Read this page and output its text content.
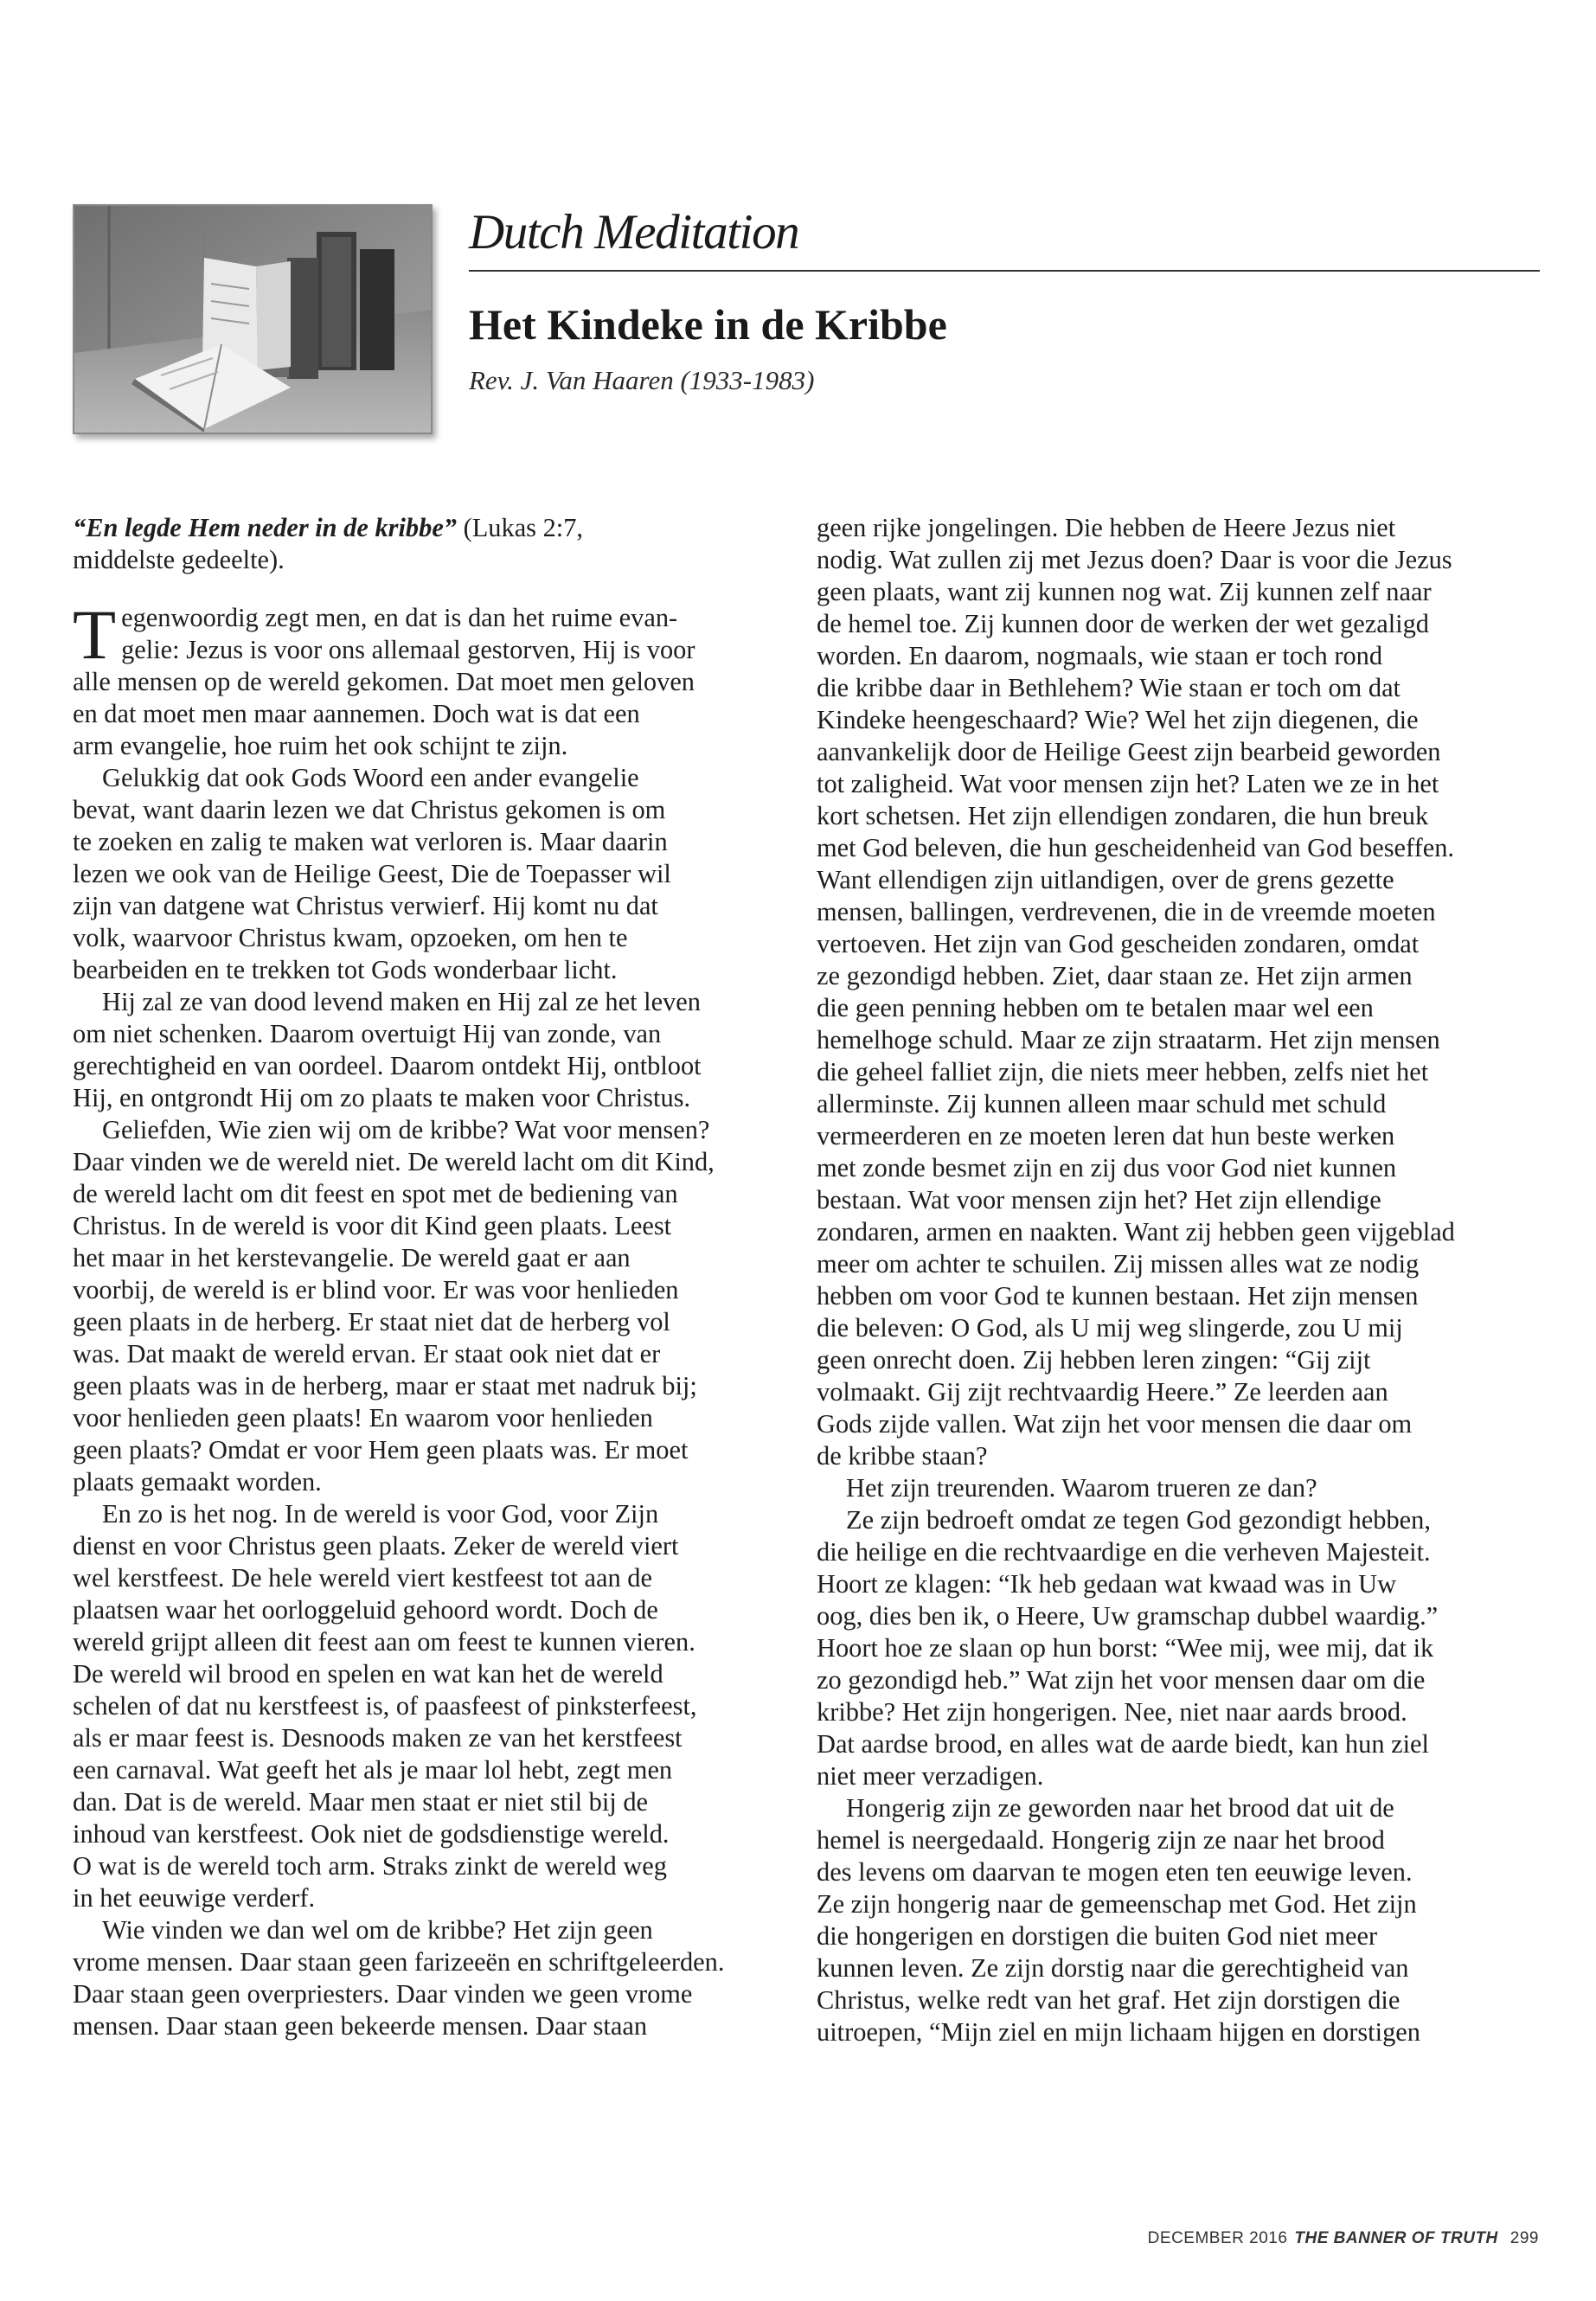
Dutch Meditation
Het Kindeke in de Kribbe
Rev. J. Van Haaren (1933-1983)
“En legde Hem neder in de kribbe” (Lukas 2:7,
middelste gedeelte).
T egenwoordig zegt men, en dat is dan het ruime evan-
gelie: Jezus is voor ons allemaal gestorven, Hij is voor
alle mensen op de wereld gekomen. Dat moet men geloven
en dat moet men maar aannemen. Doch wat is dat een
arm evangelie, hoe ruim het ook schijnt te zijn.
Gelukkig dat ook Gods Woord een ander evangelie
bevat, want daarin lezen we dat Christus gekomen is om
te zoeken en zalig te maken wat verloren is. Maar daarin
lezen we ook van de Heilige Geest, Die de Toepasser wil
zijn van datgene wat Christus verwierf. Hij komt nu dat
volk, waarvoor Christus kwam, opzoeken, om hen te
bearbeiden en te trekken tot Gods wonderbaar licht.
Hij zal ze van dood levend maken en Hij zal ze het leven
om niet schenken. Daarom overtuigt Hij van zonde, van
gerechtigheid en van oordeel. Daarom ontdekt Hij, ontbloot
Hij, en ontgrondt Hij om zo plaats te maken voor Christus.
Geliefden, Wie zien wij om de kribbe? Wat voor mensen?
Daar vinden we de wereld niet. De wereld lacht om dit Kind,
de wereld lacht om dit feest en spot met de bediening van
Christus. In de wereld is voor dit Kind geen plaats. Leest
het maar in het kerstevangelie. De wereld gaat er aan
voorbij, de wereld is er blind voor. Er was voor henlieden
geen plaats in de herberg. Er staat niet dat de herberg vol
was. Dat maakt de wereld ervan. Er staat ook niet dat er
geen plaats was in de herberg, maar er staat met nadruk bij;
voor henlieden geen plaats! En waarom voor henlieden
geen plaats? Omdat er voor Hem geen plaats was. Er moet
plaats gemaakt worden.
En zo is het nog. In de wereld is voor God, voor Zijn
dienst en voor Christus geen plaats. Zeker de wereld viert
wel kerstfeest. De hele wereld viert kestfeest tot aan de
plaatsen waar het oorloggeluid gehoord wordt. Doch de
wereld grijpt alleen dit feest aan om feest te kunnen vieren.
De wereld wil brood en spelen en wat kan het de wereld
schelen of dat nu kerstfeest is, of paasfeest of pinksterfeest,
als er maar feest is. Desnoods maken ze van het kerstfeest
een carnaval. Wat geeft het als je maar lol hebt, zegt men
dan. Dat is de wereld. Maar men staat er niet stil bij de
inhoud van kerstfeest. Ook niet de godsdienstige wereld.
O wat is de wereld toch arm. Straks zinkt de wereld weg
in het eeuwige verderf.
Wie vinden we dan wel om de kribbe? Het zijn geen
vrome mensen. Daar staan geen farizeeën en schriftgeleerden.
Daar staan geen overpriesters. Daar vinden we geen vrome
mensen. Daar staan geen bekeerde mensen. Daar staan
geen rijke jongelingen. Die hebben de Heere Jezus niet
nodig. Wat zullen zij met Jezus doen? Daar is voor die Jezus
geen plaats, want zij kunnen nog wat. Zij kunnen zelf naar
de hemel toe. Zij kunnen door de werken der wet gezaligd
worden. En daarom, nogmaals, wie staan er toch rond
die kribbe daar in Bethlehem? Wie staan er toch om dat
Kindeke heengeschaard? Wie? Wel het zijn diegenen, die
aanvankelijk door de Heilige Geest zijn bearbeid geworden
tot zaligheid. Wat voor mensen zijn het? Laten we ze in het
kort schetsen. Het zijn ellendigen zondaren, die hun breuk
met God beleven, die hun gescheidenheid van God beseffen.
Want ellendigen zijn uitlandigen, over de grens gezette
mensen, ballingen, verdrevenen, die in de vreemde moeten
vertoeven. Het zijn van God gescheiden zondaren, omdat
ze gezondigd hebben. Ziet, daar staan ze. Het zijn armen
die geen penning hebben om te betalen maar wel een
hemelhoge schuld. Maar ze zijn straatarm. Het zijn mensen
die geheel falliet zijn, die niets meer hebben, zelfs niet het
allerminste. Zij kunnen alleen maar schuld met schuld
vermeerderen en ze moeten leren dat hun beste werken
met zonde besmet zijn en zij dus voor God niet kunnen
bestaan. Wat voor mensen zijn het? Het zijn ellendige
zondaren, armen en naakten. Want zij hebben geen vijgeblad
meer om achter te schuilen. Zij missen alles wat ze nodig
hebben om voor God te kunnen bestaan. Het zijn mensen
die beleven: O God, als U mij weg slingerde, zou U mij
geen onrecht doen. Zij hebben leren zingen: “Gij zijt
volmaakt. Gij zijt rechtvaardig Heere.” Ze leerden aan
Gods zijde vallen. Wat zijn het voor mensen die daar om
de kribbe staan?
Het zijn treurenden. Waarom trueren ze dan?
Ze zijn bedroeft omdat ze tegen God gezondigt hebben,
die heilige en die rechtvaardige en die verheven Majesteit.
Hoort ze klagen: “Ik heb gedaan wat kwaad was in Uw
oog, dies ben ik, o Heere, Uw gramschap dubbel waardig.”
Hoort hoe ze slaan op hun borst: “Wee mij, wee mij, dat ik
zo gezondigd heb.” Wat zijn het voor mensen daar om die
kribbe? Het zijn hongerigen. Nee, niet naar aards brood.
Dat aardse brood, en alles wat de aarde biedt, kan hun ziel
niet meer verzadigen.
Hongerig zijn ze geworden naar het brood dat uit de
hemel is neergedaald. Hongerig zijn ze naar het brood
des levens om daarvan te mogen eten ten eeuwige leven.
Ze zijn hongerig naar de gemeenschap met God. Het zijn
die hongerigen en dorstigen die buiten God niet meer
kunnen leven. Ze zijn dorstig naar die gerechtigheid van
Christus, welke redt van het graf. Het zijn dorstigen die
uitroepen, “Mijn ziel en mijn lichaam hijgen en dorstigen
DECEMBER 2016 THE BANNER OF TRUTH 299
